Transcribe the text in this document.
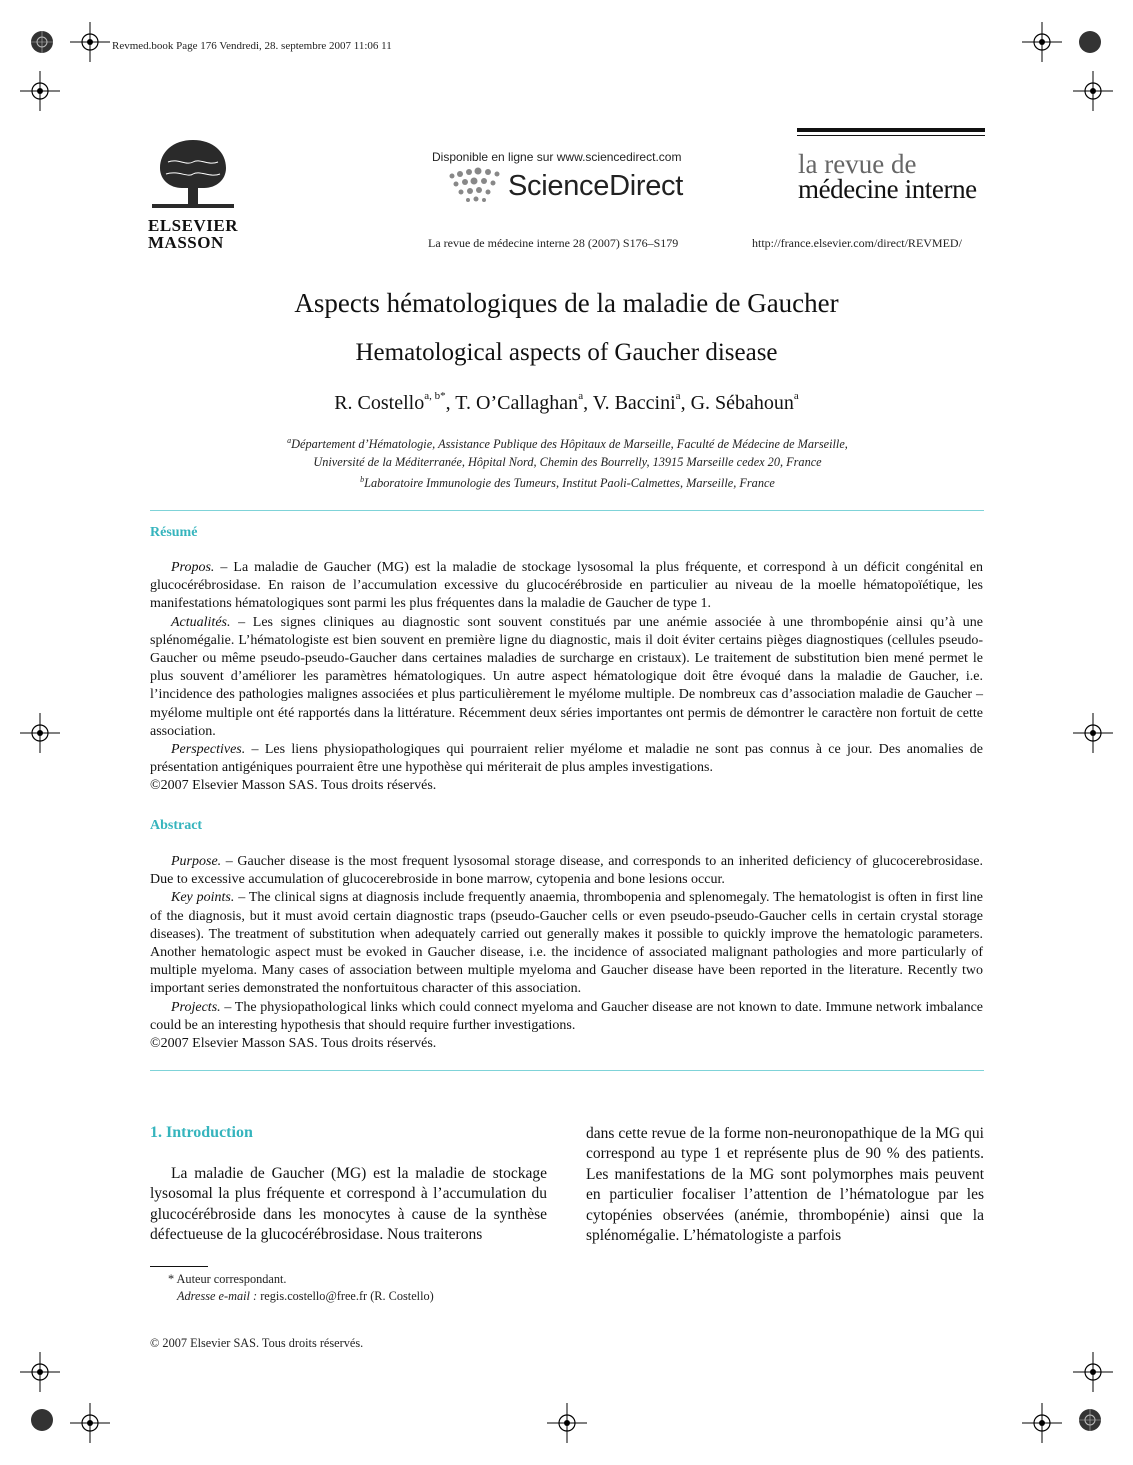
Revmed.book Page 176 Vendredi, 28. septembre 2007 11:06 11
ELSEVIER
MASSON
Disponible en ligne sur www.sciencedirect.com
ScienceDirect
La revue de médecine interne 28 (2007) S176–S179
la revue de
médecine interne
http://france.elsevier.com/direct/REVMED/
Aspects hématologiques de la maladie de Gaucher
Hematological aspects of Gaucher disease
R. Costello$^{a, b*}$, T. O’Callaghan$^a$, V. Baccini$^a$, G. Sébahoun$^a$
$^a$Département d’Hématologie, Assistance Publique des Hôpitaux de Marseille, Faculté de Médecine de Marseille,
Université de la Méditerranée, Hôpital Nord, Chemin des Bourrelly, 13915 Marseille cedex 20, France
$^b$Laboratoire Immunologie des Tumeurs, Institut Paoli-Calmettes, Marseille, France
Résumé

Propos. – La maladie de Gaucher (MG) est la maladie de stockage lysosomal la plus fréquente, et correspond à un déficit congénital en glucocérébrosidase. En raison de l’accumulation excessive du glucocérébroside en particulier au niveau de la moelle hématopoïétique, les manifestations hématologiques sont parmi les plus fréquentes dans la maladie de Gaucher de type 1.

Actualités. – Les signes cliniques au diagnostic sont souvent constitués par une anémie associée à une thrombopénie ainsi qu’à une splénomégalie. L’hématologiste est bien souvent en première ligne du diagnostic, mais il doit éviter certains pièges diagnostiques (cellules pseudo-Gaucher ou même pseudo-pseudo-Gaucher dans certaines maladies de surcharge en cristaux). Le traitement de substitution bien mené permet le plus souvent d’améliorer les paramètres hématologiques. Un autre aspect hématologique doit être évoqué dans la maladie de Gaucher, i.e. l’incidence des pathologies malignes associées et plus particulièrement le myélome multiple. De nombreux cas d’association maladie de Gaucher – myélome multiple ont été rapportés dans la littérature. Récemment deux séries importantes ont permis de démontrer le caractère non fortuit de cette association.

Perspectives. – Les liens physiopathologiques qui pourraient relier myélome et maladie ne sont pas connus à ce jour. Des anomalies de présentation antigéniques pourraient être une hypothèse qui mériterait de plus amples investigations.

©2007 Elsevier Masson SAS. Tous droits réservés.

Abstract

Purpose. – Gaucher disease is the most frequent lysosomal storage disease, and corresponds to an inherited deficiency of glucocerebrosidase. Due to excessive accumulation of glucocerebroside in bone marrow, cytopenia and bone lesions occur.

Key points. – The clinical signs at diagnosis include frequently anaemia, thrombopenia and splenomegaly. The hematologist is often in first line of the diagnosis, but it must avoid certain diagnostic traps (pseudo-Gaucher cells or even pseudo-pseudo-Gaucher cells in certain crystal storage diseases). The treatment of substitution when adequately carried out generally makes it possible to quickly improve the hematologic parameters. Another hematologic aspect must be evoked in Gaucher disease, i.e. the incidence of associated malignant pathologies and more particularly of multiple myeloma. Many cases of association between multiple myeloma and Gaucher disease have been reported in the literature. Recently two important series demonstrated the nonfortuitous character of this association.

Projects. – The physiopathological links which could connect myeloma and Gaucher disease are not known to date. Immune network imbalance could be an interesting hypothesis that should require further investigations.

©2007 Elsevier Masson SAS. Tous droits réservés.

1. Introduction
La maladie de Gaucher (MG) est la maladie de stockage lysosomal la plus fréquente et correspond à l’accumulation du glucocérébroside dans les monocytes à cause de la synthèse défectueuse de la glucocérébrosidase. Nous traiterons
dans cette revue de la forme non-neuronopathique de la MG qui correspond au type 1 et représente plus de 90 % des patients. Les manifestations de la MG sont polymorphes mais peuvent en particulier focaliser l’attention de l’hématologue par les cytopénies observées (anémie, thrombopénie) ainsi que la splénomégalie. L’hématologiste a parfois
* Auteur correspondant.
Adresse e-mail : regis.costello@free.fr (R. Costello)
© 2007 Elsevier SAS. Tous droits réservés.
